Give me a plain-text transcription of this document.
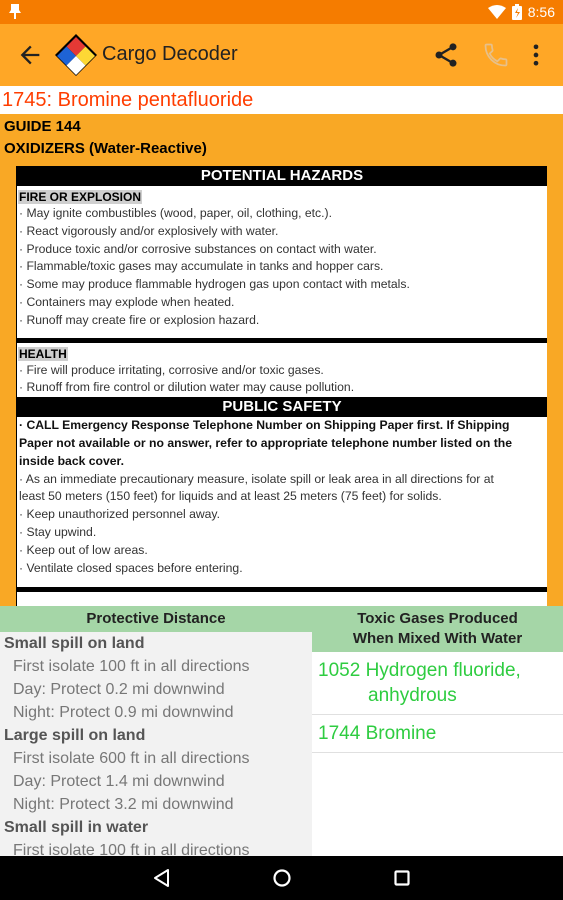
8:56
Cargo Decoder
1745: Bromine pentafluoride
GUIDE 144
OXIDIZERS (Water-Reactive)
POTENTIAL HAZARDS
FIRE OR EXPLOSION
· May ignite combustibles (wood, paper, oil, clothing, etc.).
· React vigorously and/or explosively with water.
· Produce toxic and/or corrosive substances on contact with water.
· Flammable/toxic gases may accumulate in tanks and hopper cars.
· Some may produce flammable hydrogen gas upon contact with metals.
· Containers may explode when heated.
· Runoff may create fire or explosion hazard.
HEALTH
· Fire will produce irritating, corrosive and/or toxic gases.
· Runoff from fire control or dilution water may cause pollution.
PUBLIC SAFETY
· CALL Emergency Response Telephone Number on Shipping Paper first. If Shipping
Paper not available or no answer, refer to appropriate telephone number listed on the
inside back cover.
· As an immediate precautionary measure, isolate spill or leak area in all directions for at
least 50 meters (150 feet) for liquids and at least 25 meters (75 feet) for solids.
· Keep unauthorized personnel away.
· Stay upwind.
· Keep out of low areas.
· Ventilate closed spaces before entering.
Protective Distance
Small spill on land
First isolate 100 ft in all directions
Day: Protect 0.2 mi downwind
Night: Protect 0.9 mi downwind
Large spill on land
First isolate 600 ft in all directions
Day: Protect 1.4 mi downwind
Night: Protect 3.2 mi downwind
Small spill in water
First isolate 100 ft in all directions
Toxic Gases Produced
When Mixed With Water
1052 Hydrogen fluoride,
anhydrous
1744 Bromine
